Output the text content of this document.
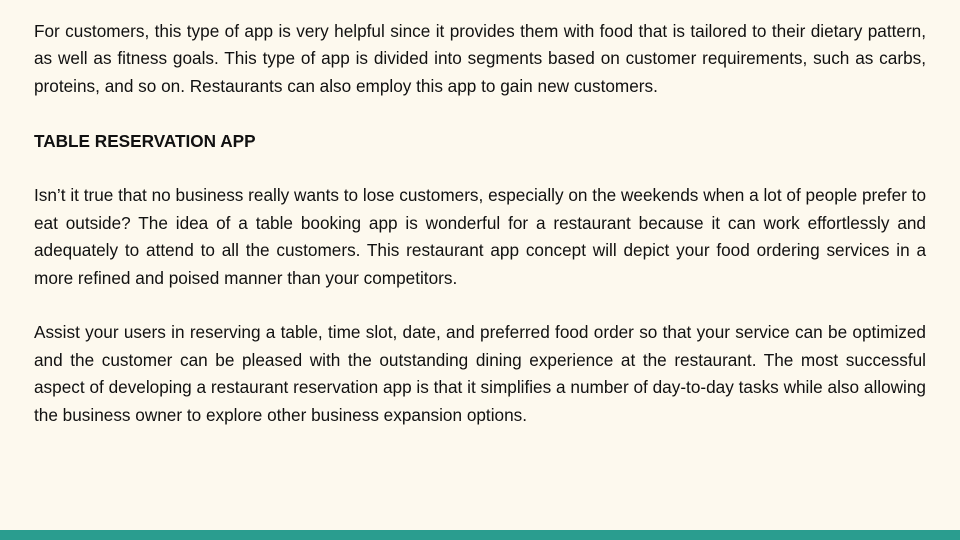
For customers, this type of app is very helpful since it provides them with food that is tailored to their dietary pattern, as well as fitness goals. This type of app is divided into segments based on customer requirements, such as carbs, proteins, and so on. Restaurants can also employ this app to gain new customers.

TABLE RESERVATION APP

Isn’t it true that no business really wants to lose customers, especially on the weekends when a lot of people prefer to eat outside? The idea of a table booking app is wonderful for a restaurant because it can work effortlessly and adequately to attend to all the customers. This restaurant app concept will depict your food ordering services in a more refined and poised manner than your competitors.

Assist your users in reserving a table, time slot, date, and preferred food order so that your service can be optimized and the customer can be pleased with the outstanding dining experience at the restaurant. The most successful aspect of developing a restaurant reservation app is that it simplifies a number of day-to-day tasks while also allowing the business owner to explore other business expansion options.
